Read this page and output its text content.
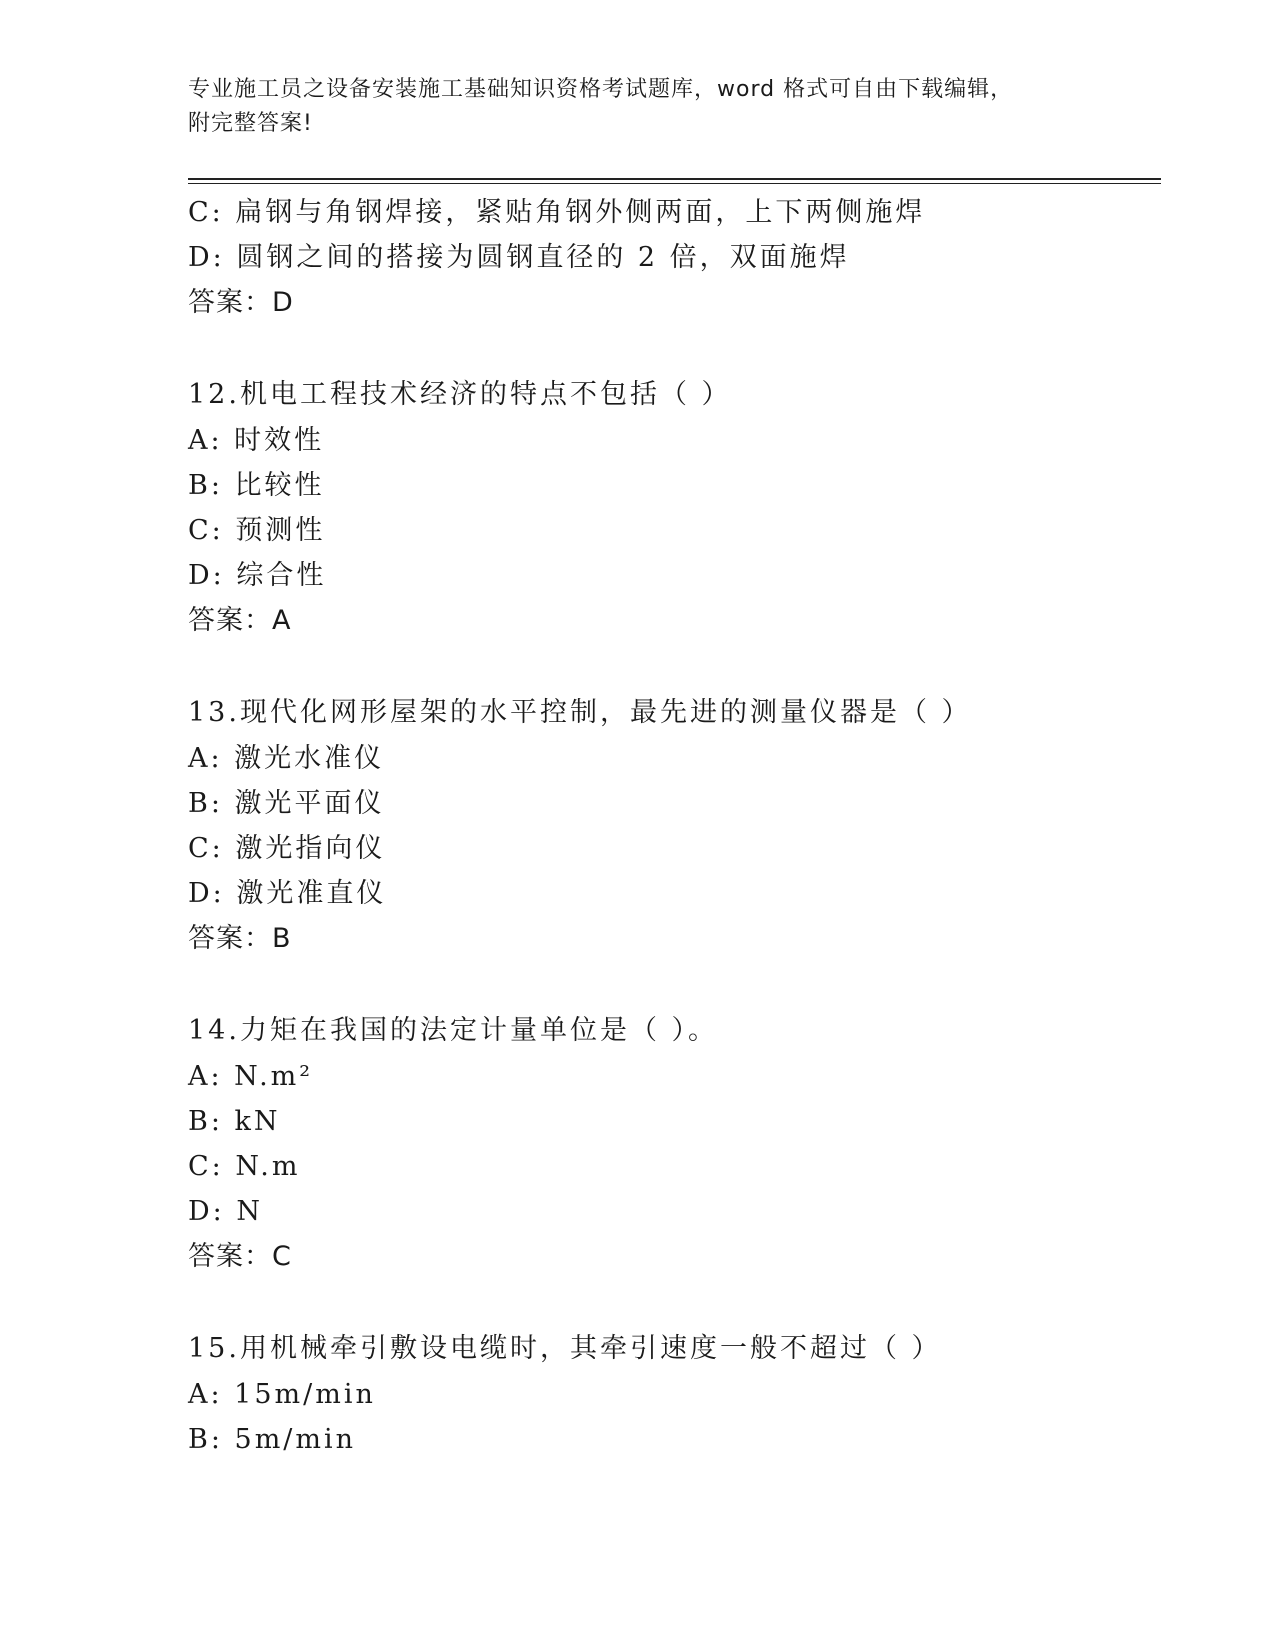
专业施工员之设备安装施工基础知识资格考试题库，word 格式可自由下载编辑，
附完整答案!
C: 扁钢与角钢焊接，紧贴角钢外侧两面，上下两侧施焊
D: 圆钢之间的搭接为圆钢直径的 2 倍，双面施焊
答案：D
12.机电工程技术经济的特点不包括（ ）
A: 时效性
B: 比较性
C: 预测性
D: 综合性
答案：A
13.现代化网形屋架的水平控制，最先进的测量仪器是（ ）
A: 激光水准仪
B: 激光平面仪
C: 激光指向仪
D: 激光准直仪
答案：B
14.力矩在我国的法定计量单位是（ ）。
A: N.m²
B: kN
C: N.m
D: N
答案：C
15.用机械牵引敷设电缆时，其牵引速度一般不超过（ ）
A: 15m/min
B: 5m/min
